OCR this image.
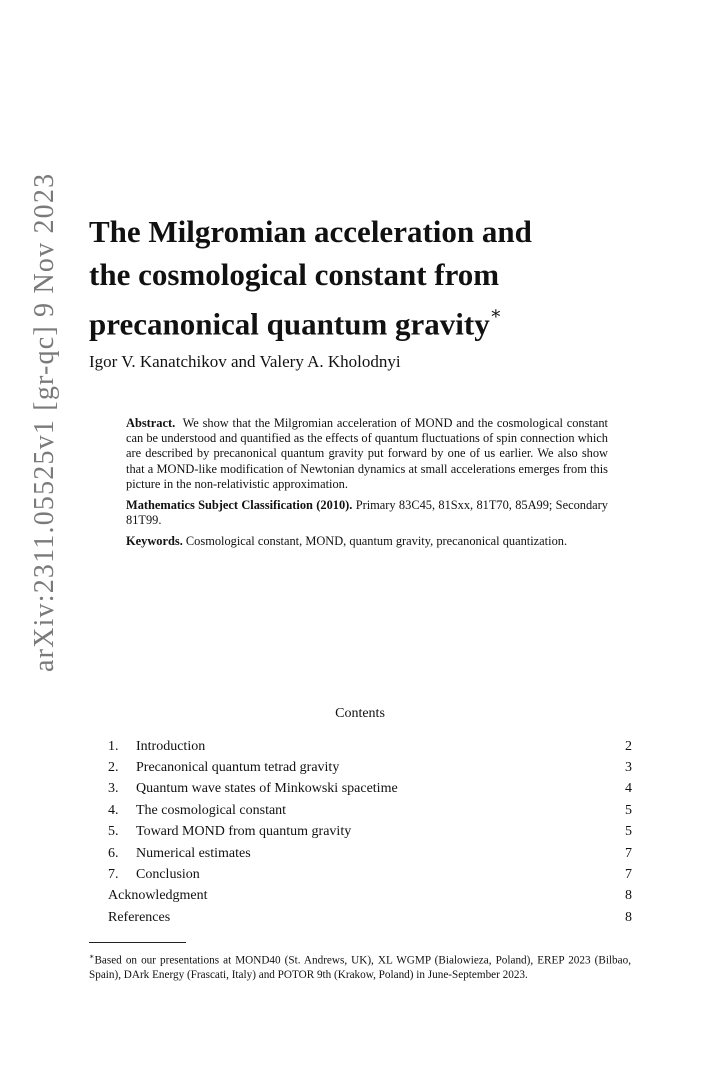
arXiv:2311.05525v1 [gr-qc] 9 Nov 2023 The Milgromian acceleration and
the cosmological constant from
precanonical quantum gravity∗
Igor V. Kanatchikov and Valery A. Kholodnyi

Abstract. We show that the Milgromian acceleration of MOND and the cosmological constant can be understood and quantified as the effects of quantum fluctuations of spin connection which are described by precanonical quantum gravity put forward by one of us earlier. We also show that a MOND-like modification of Newtonian dynamics at small accelerations emerges from this picture in the non-relativistic approximation.

Mathematics Subject Classification (2010). Primary 83C45, 81Sxx, 81T70, 85A99; Secondary 81T99.

Keywords. Cosmological constant, MOND, quantum gravity, precanonical quantization.

Contents
1.	Introduction	2
2.	Precanonical quantum tetrad gravity	3
3.	Quantum wave states of Minkowski spacetime	4
4.	The cosmological constant	5
5.	Toward MOND from quantum gravity	5
6.	Numerical estimates	7
7.	Conclusion	7
Acknowledgment	8
References	8
∗Based on our presentations at MOND40 (St. Andrews, UK), XL WGMP (Bialowieza, Poland), EREP 2023 (Bilbao, Spain), DArk Energy (Frascati, Italy) and POTOR 9th (Krakow, Poland) in June-September 2023.
